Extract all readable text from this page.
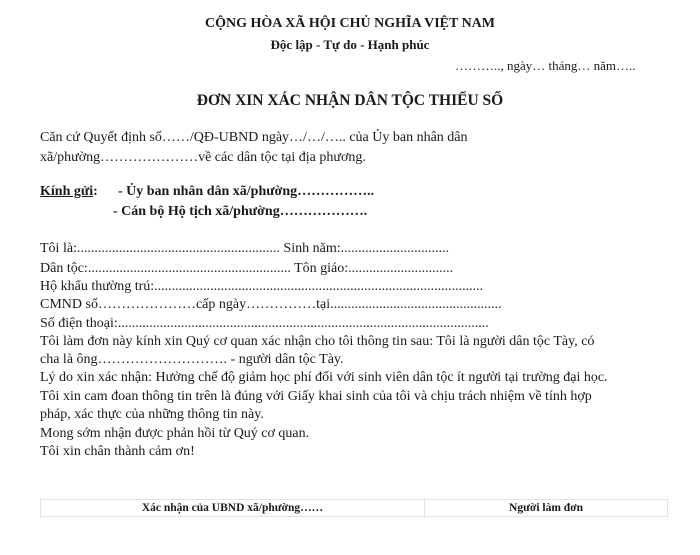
CỘNG HÒA XÃ HỘI CHỦ NGHĨA VIỆT NAM
Độc lập - Tự do - Hạnh phúc
……….., ngày… tháng… năm…..
ĐƠN XIN XÁC NHẬN DÂN TỘC THIỂU SỐ
Căn cứ Quyết định số……/QĐ-UBND ngày…/…/….. của Ủy ban nhân dân
xã/phường…………………về các dân tộc tại địa phương.
Kính gửi: - Ủy ban nhân dân xã/phường……………..
- Cán bộ Hộ tịch xã/phường……………….
Tôi là:.......................................................... Sinh năm:...............................
Dân tộc:.......................................................... Tôn giáo:..............................
Hộ khẩu thường trú:..............................................................................................
CMND số…………………cấp ngày……………tại.................................................
Số điện thoại:..........................................................................................................
Tôi làm đơn này kính xin Quý cơ quan xác nhận cho tôi thông tin sau: Tôi là người dân tộc Tày, có
cha là ông………………………. - người dân tộc Tày.
Lý do xin xác nhận: Hưởng chế độ giảm học phí đối với sinh viên dân tộc ít người tại trường đại học.
Tôi xin cam đoan thông tin trên là đúng với Giấy khai sinh của tôi và chịu trách nhiệm về tính hợp
pháp, xác thực của những thông tin này.
Mong sớm nhận được phản hồi từ Quý cơ quan.
Tôi xin chân thành cảm ơn!
Xác nhận của UBND xã/phường……	Người làm đơn
